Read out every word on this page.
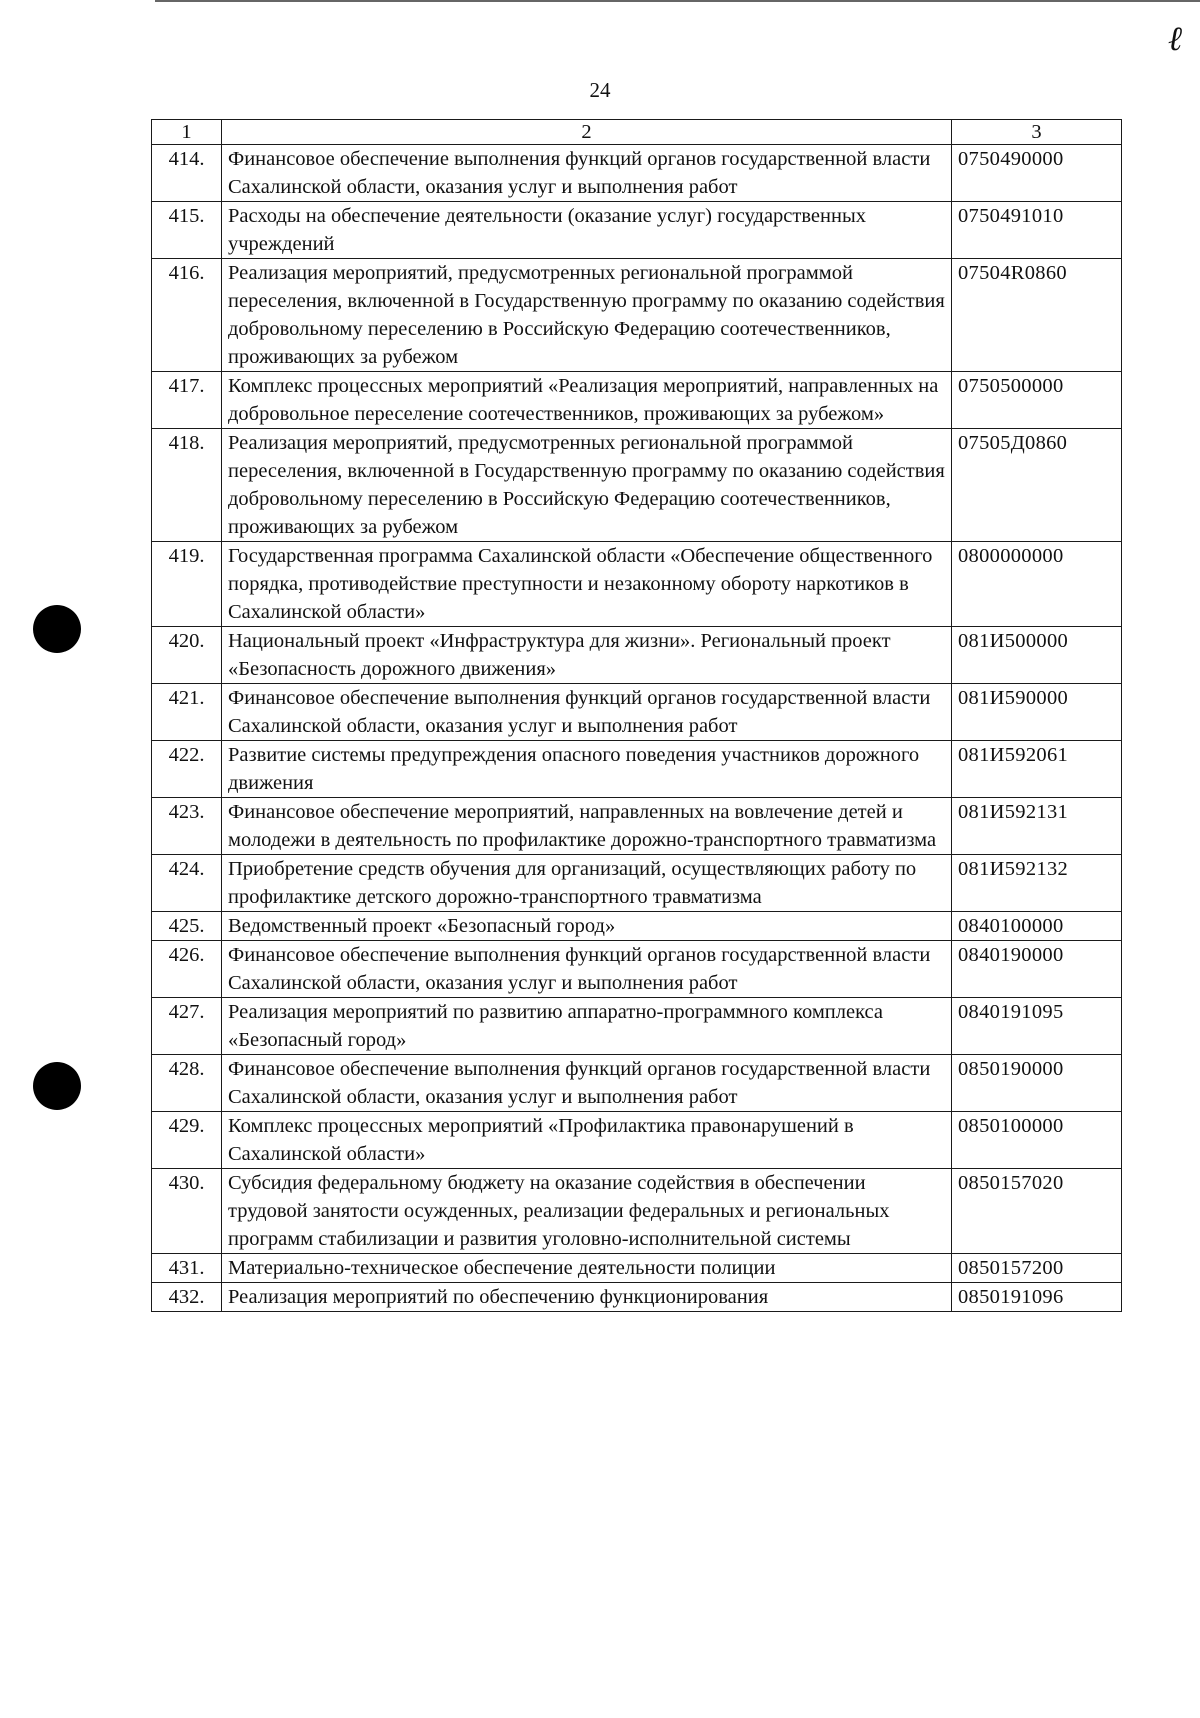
24
ℓ
1	2	3
414.	Финансовое обеспечение выполнения функций органов государственной власти Сахалинской области, оказания услуг и выполнения работ	0750490000
415.	Расходы на обеспечение деятельности (оказание услуг) государственных учреждений	0750491010
416.	Реализация мероприятий, предусмотренных региональной программой переселения, включенной в Государственную программу по оказанию содействия добровольному переселению в Российскую Федерацию соотечественников, проживающих за рубежом	07504R0860
417.	Комплекс процессных мероприятий «Реализация мероприятий, направленных на добровольное переселение соотечественников, проживающих за рубежом»	0750500000
418.	Реализация мероприятий, предусмотренных региональной программой переселения, включенной в Государственную программу по оказанию содействия добровольному переселению в Российскую Федерацию соотечественников, проживающих за рубежом	07505Д0860
419.	Государственная программа Сахалинской области «Обеспечение общественного порядка, противодействие преступности и незаконному обороту наркотиков в Сахалинской области»	0800000000
420.	Национальный проект «Инфраструктура для жизни». Региональный проект «Безопасность дорожного движения»	081И500000
421.	Финансовое обеспечение выполнения функций органов государственной власти Сахалинской области, оказания услуг и выполнения работ	081И590000
422.	Развитие системы предупреждения опасного поведения участников дорожного движения	081И592061
423.	Финансовое обеспечение мероприятий, направленных на вовлечение детей и молодежи в деятельность по профилактике дорожно-транспортного травматизма	081И592131
424.	Приобретение средств обучения для организаций, осуществляющих работу по профилактике детского дорожно-транспортного травматизма	081И592132
425.	Ведомственный проект «Безопасный город»	0840100000
426.	Финансовое обеспечение выполнения функций органов государственной власти Сахалинской области, оказания услуг и выполнения работ	0840190000
427.	Реализация мероприятий по развитию аппаратно-программного комплекса «Безопасный город»	0840191095
428.	Финансовое обеспечение выполнения функций органов государственной власти Сахалинской области, оказания услуг и выполнения работ	0850190000
429.	Комплекс процессных мероприятий «Профилактика правонарушений в Сахалинской области»	0850100000
430.	Субсидия федеральному бюджету на оказание содействия в обеспечении трудовой занятости осужденных, реализации федеральных и региональных программ стабилизации и развития уголовно-исполнительной системы	0850157020
431.	Материально-техническое обеспечение деятельности полиции	0850157200
432.	Реализация мероприятий по обеспечению функционирования	0850191096
